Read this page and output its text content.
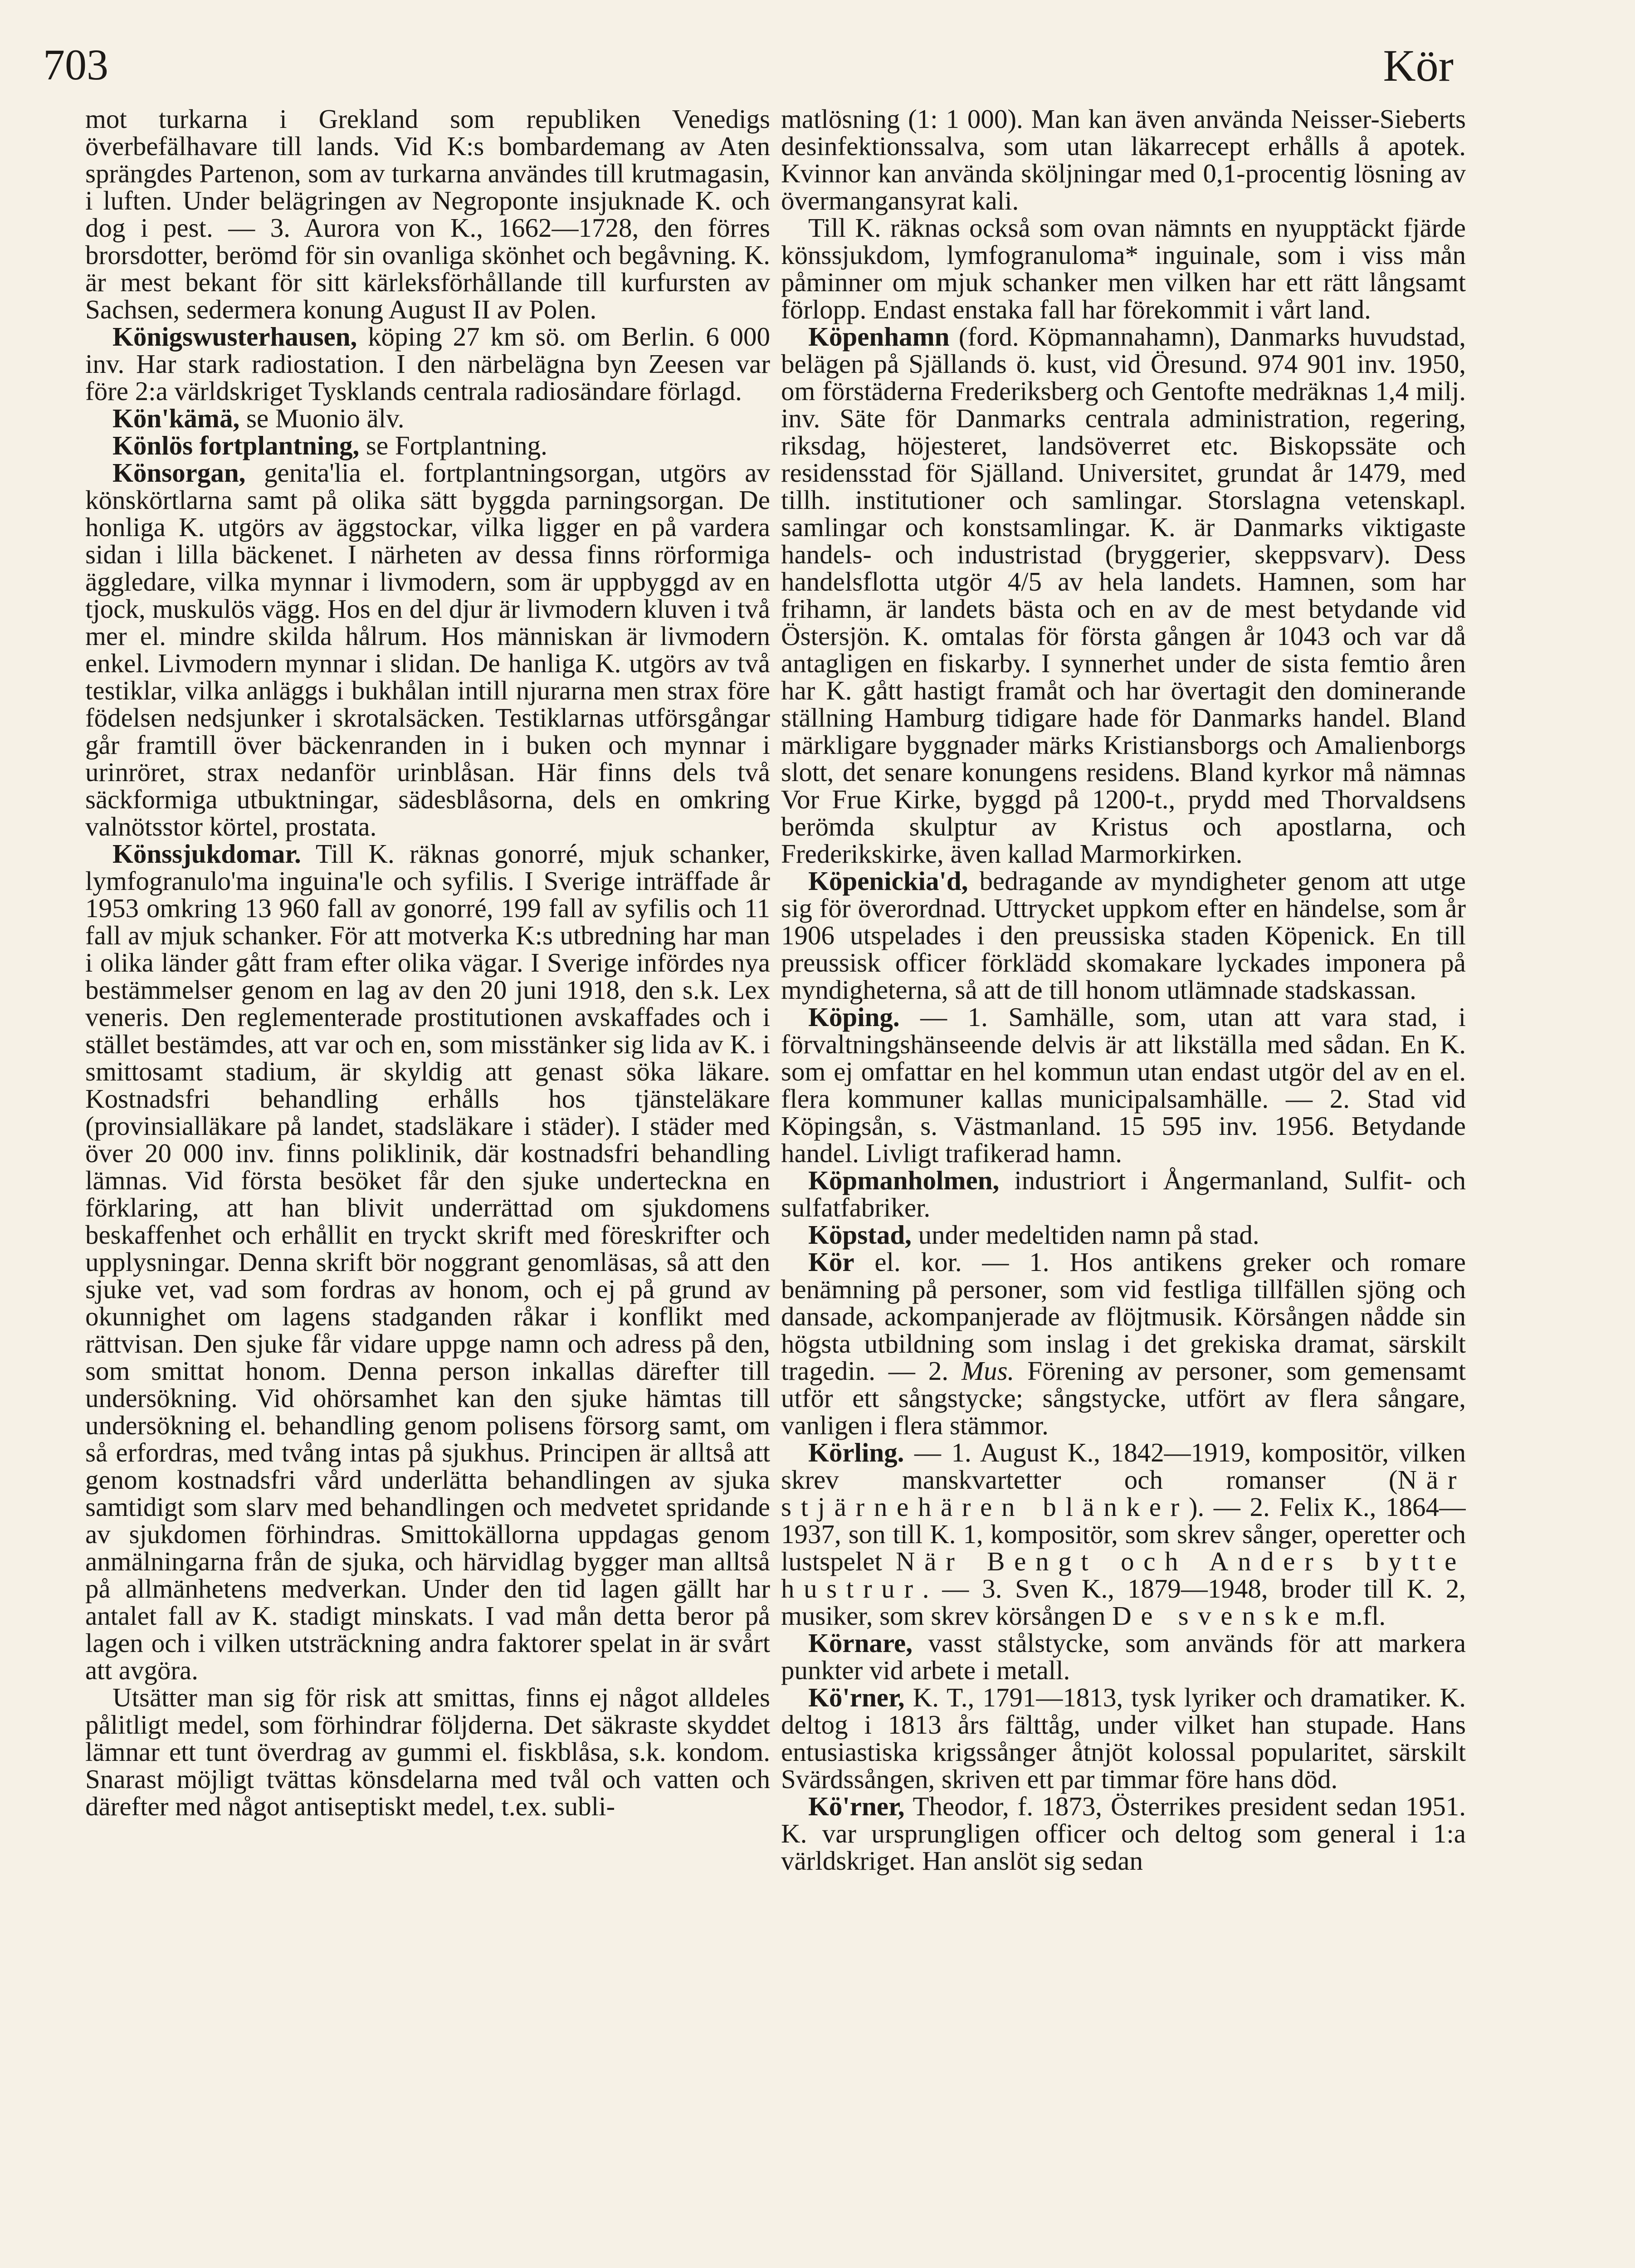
703	Kör

mot turkarna i Grekland som republiken Venedigs överbefälhavare till lands. Vid K:s bombardemang av Aten sprängdes Partenon, som av turkarna användes till krutmagasin, i luften. Under belägringen av Negroponte insjuknade K. och dog i pest. — 3. Aurora von K., 1662—1728, den förres brorsdotter, berömd för sin ovanliga skönhet och begåvning. K. är mest bekant för sitt kärleksförhållande till kurfursten av Sachsen, sedermera konung August II av Polen.

Königswusterhausen, köping 27 km sö. om Berlin. 6 000 inv. Har stark radiostation. I den närbelägna byn Zeesen var före 2:a världskriget Tysklands centrala radiosändare förlagd.

Kön'kämä, se Muonio älv.

Könlös fortplantning, se Fortplantning.

Könsorgan, genita'lia el. fortplantningsorgan, utgörs av könskörtlarna samt på olika sätt byggda parningsorgan. De honliga K. utgörs av äggstockar, vilka ligger en på vardera sidan i lilla bäckenet. I närheten av dessa finns rörformiga äggledare, vilka mynnar i livmodern, som är uppbyggd av en tjock, muskulös vägg. Hos en del djur är livmodern kluven i två mer el. mindre skilda hålrum. Hos människan är livmodern enkel. Livmodern mynnar i slidan. De hanliga K. utgörs av två testiklar, vilka anläggs i bukhålan intill njurarna men strax före födelsen nedsjunker i skrotalsäcken. Testiklarnas utförsgångar går framtill över bäckenranden in i buken och mynnar i urinröret, strax nedanför urinblåsan. Här finns dels två säckformiga utbuktningar, sädesblåsorna, dels en omkring valnötsstor körtel, prostata.

Könssjukdomar. Till K. räknas gonorré, mjuk schanker, lymfogranulo'ma inguina'le och syfilis. I Sverige inträffade år 1953 omkring 13 960 fall av gonorré, 199 fall av syfilis och 11 fall av mjuk schanker. För att motverka K:s utbredning har man i olika länder gått fram efter olika vägar. I Sverige infördes nya bestämmelser genom en lag av den 20 juni 1918, den s.k. Lex veneris. Den reglementerade prostitutionen avskaffades och i stället bestämdes, att var och en, som misstänker sig lida av K. i smittosamt stadium, är skyldig att genast söka läkare. Kostnadsfri behandling erhålls hos tjänsteläkare (provinsialläkare på landet, stadsläkare i städer). I städer med över 20 000 inv. finns poliklinik, där kostnadsfri behandling lämnas. Vid första besöket får den sjuke underteckna en förklaring, att han blivit underrättad om sjukdomens beskaffenhet och erhållit en tryckt skrift med föreskrifter och upplysningar. Denna skrift bör noggrant genomläsas, så att den sjuke vet, vad som fordras av honom, och ej på grund av okunnighet om lagens stadganden råkar i konflikt med rättvisan. Den sjuke får vidare uppge namn och adress på den, som smittat honom. Denna person inkallas därefter till undersökning. Vid ohörsamhet kan den sjuke hämtas till undersökning el. behandling genom polisens försorg samt, om så erfordras, med tvång intas på sjukhus. Principen är alltså att genom kostnadsfri vård underlätta behandlingen av sjuka samtidigt som slarv med behandlingen och medvetet spridande av sjukdomen förhindras. Smittokällorna uppdagas genom anmälningarna från de sjuka, och härvidlag bygger man alltså på allmänhetens medverkan. Under den tid lagen gällt har antalet fall av K. stadigt minskats. I vad mån detta beror på lagen och i vilken utsträckning andra faktorer spelat in är svårt att avgöra.

Utsätter man sig för risk att smittas, finns ej något alldeles pålitligt medel, som förhindrar följderna. Det säkraste skyddet lämnar ett tunt överdrag av gummi el. fiskblåsa, s.k. kondom. Snarast möjligt tvättas könsdelarna med tvål och vatten och därefter med något antiseptiskt medel, t.ex. subli-

matlösning (1: 1 000). Man kan även använda Neisser-Sieberts desinfektionssalva, som utan läkarrecept erhålls å apotek. Kvinnor kan använda sköljningar med 0,1-procentig lösning av övermangansyrat kali.

Till K. räknas också som ovan nämnts en nyupptäckt fjärde könssjukdom, lymfogranuloma* inguinale, som i viss mån påminner om mjuk schanker men vilken har ett rätt långsamt förlopp. Endast enstaka fall har förekommit i vårt land.

Köpenhamn (ford. Köpmannahamn), Danmarks huvudstad, belägen på Själlands ö. kust, vid Öresund. 974 901 inv. 1950, om förstäderna Frederiksberg och Gentofte medräknas 1,4 milj. inv. Säte för Danmarks centrala administration, regering, riksdag, höjesteret, landsöverret etc. Biskopssäte och residensstad för Själland. Universitet, grundat år 1479, med tillh. institutioner och samlingar. Storslagna vetenskapl. samlingar och konstsamlingar. K. är Danmarks viktigaste handels- och industristad (bryggerier, skeppsvarv). Dess handelsflotta utgör 4/5 av hela landets. Hamnen, som har frihamn, är landets bästa och en av de mest betydande vid Östersjön. K. omtalas för första gången år 1043 och var då antagligen en fiskarby. I synnerhet under de sista femtio åren har K. gått hastigt framåt och har övertagit den dominerande ställning Hamburg tidigare hade för Danmarks handel. Bland märkligare byggnader märks Kristiansborgs och Amalienborgs slott, det senare konungens residens. Bland kyrkor må nämnas Vor Frue Kirke, byggd på 1200-t., prydd med Thorvaldsens berömda skulptur av Kristus och apostlarna, och Frederikskirke, även kallad Marmorkirken.

Köpenickia'd, bedragande av myndigheter genom att utge sig för överordnad. Uttrycket uppkom efter en händelse, som år 1906 utspelades i den preussiska staden Köpenick. En till preussisk officer förklädd skomakare lyckades imponera på myndigheterna, så att de till honom utlämnade stadskassan.

Köping. — 1. Samhälle, som, utan att vara stad, i förvaltningshänseende delvis är att likställa med sådan. En K. som ej omfattar en hel kommun utan endast utgör del av en el. flera kommuner kallas municipalsamhälle. — 2. Stad vid Köpingsån, s. Västmanland. 15 595 inv. 1956. Betydande handel. Livligt trafikerad hamn.

Köpmanholmen, industriort i Ångermanland, Sulfit- och sulfatfabriker.

Köpstad, under medeltiden namn på stad.

Kör el. kor. — 1. Hos antikens greker och romare benämning på personer, som vid festliga tillfällen sjöng och dansade, ackompanjerade av flöjtmusik. Körsången nådde sin högsta utbildning som inslag i det grekiska dramat, särskilt tragedin. — 2. Mus. Förening av personer, som gemensamt utför ett sångstycke; sångstycke, utfört av flera sångare, vanligen i flera stämmor.

Körling. — 1. August K., 1842—1919, kompositör, vilken skrev manskvartetter och romanser (När stjärnehären blänker). — 2. Felix K., 1864—1937, son till K. 1, kompositör, som skrev sånger, operetter och lustspelet När Bengt och Anders bytte hustrur. — 3. Sven K., 1879—1948, broder till K. 2, musiker, som skrev körsången De svenske m.fl.

Körnare, vasst stålstycke, som används för att markera punkter vid arbete i metall.

Kö'rner, K. T., 1791—1813, tysk lyriker och dramatiker. K. deltog i 1813 års fälttåg, under vilket han stupade. Hans entusiastiska krigssånger åtnjöt kolossal popularitet, särskilt Svärdssången, skriven ett par timmar före hans död.

Kö'rner, Theodor, f. 1873, Österrikes president sedan 1951. K. var ursprungligen officer och deltog som general i 1:a världskriget. Han anslöt sig sedan
